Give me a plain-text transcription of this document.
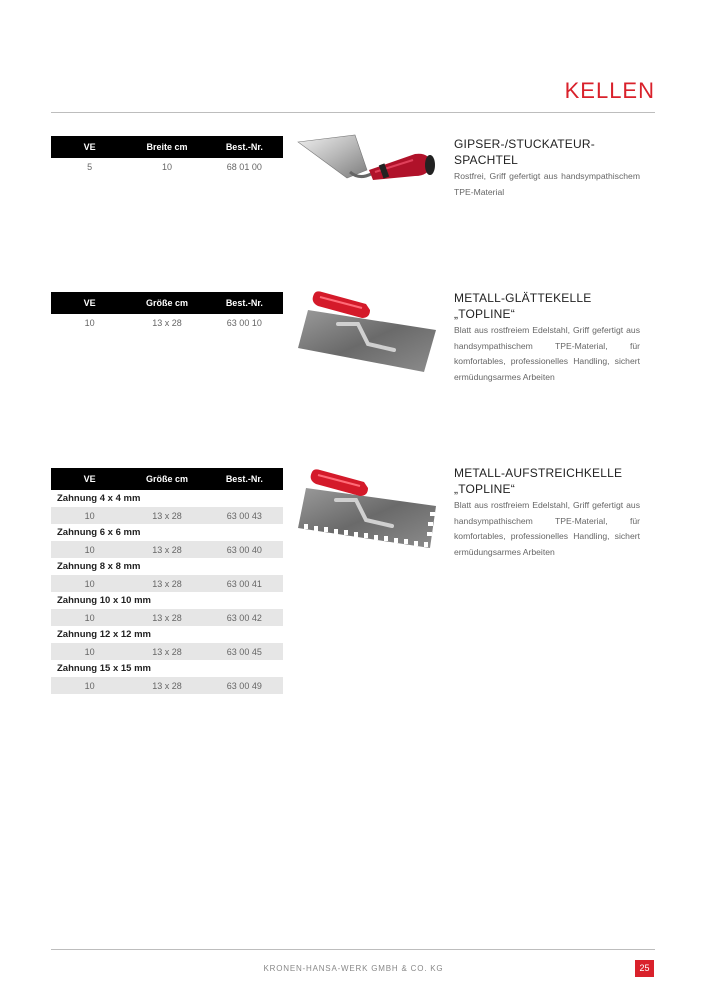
KELLEN
VE	Breite cm	Best.-Nr.
5	10	68 01 00
GIPSER-/STUCKATEUR-
SPACHTEL

Rostfrei, Griff gefertigt aus handsympathischem TPE-Material

VE	Größe cm	Best.-Nr.
10	13 x 28	63 00 10
METALL-GLÄTTEKELLE „TOPLINE“

Blatt aus rostfreiem Edelstahl, Griff gefertigt aus handsympathischem TPE-Material, für komfortables, professionelles Handling, sichert ermüdungsarmes Arbeiten

VE	Größe cm	Best.-Nr.
Zahnung 4 x 4 mm
10	13 x 28	63 00 43
Zahnung 6 x 6 mm
10	13 x 28	63 00 40
Zahnung 8 x 8 mm
10	13 x 28	63 00 41
Zahnung 10 x 10 mm
10	13 x 28	63 00 42
Zahnung 12 x 12 mm
10	13 x 28	63 00 45
Zahnung 15 x 15 mm
10	13 x 28	63 00 49
METALL-AUFSTREICHKELLE
„TOPLINE“

Blatt aus rostfreiem Edelstahl, Griff gefertigt aus handsympathischem TPE-Material, für komfortables, professionelles Handling, sichert ermüdungsarmes Arbeiten

KRONEN-HANSA-WERK GMBH & CO. KG	25
